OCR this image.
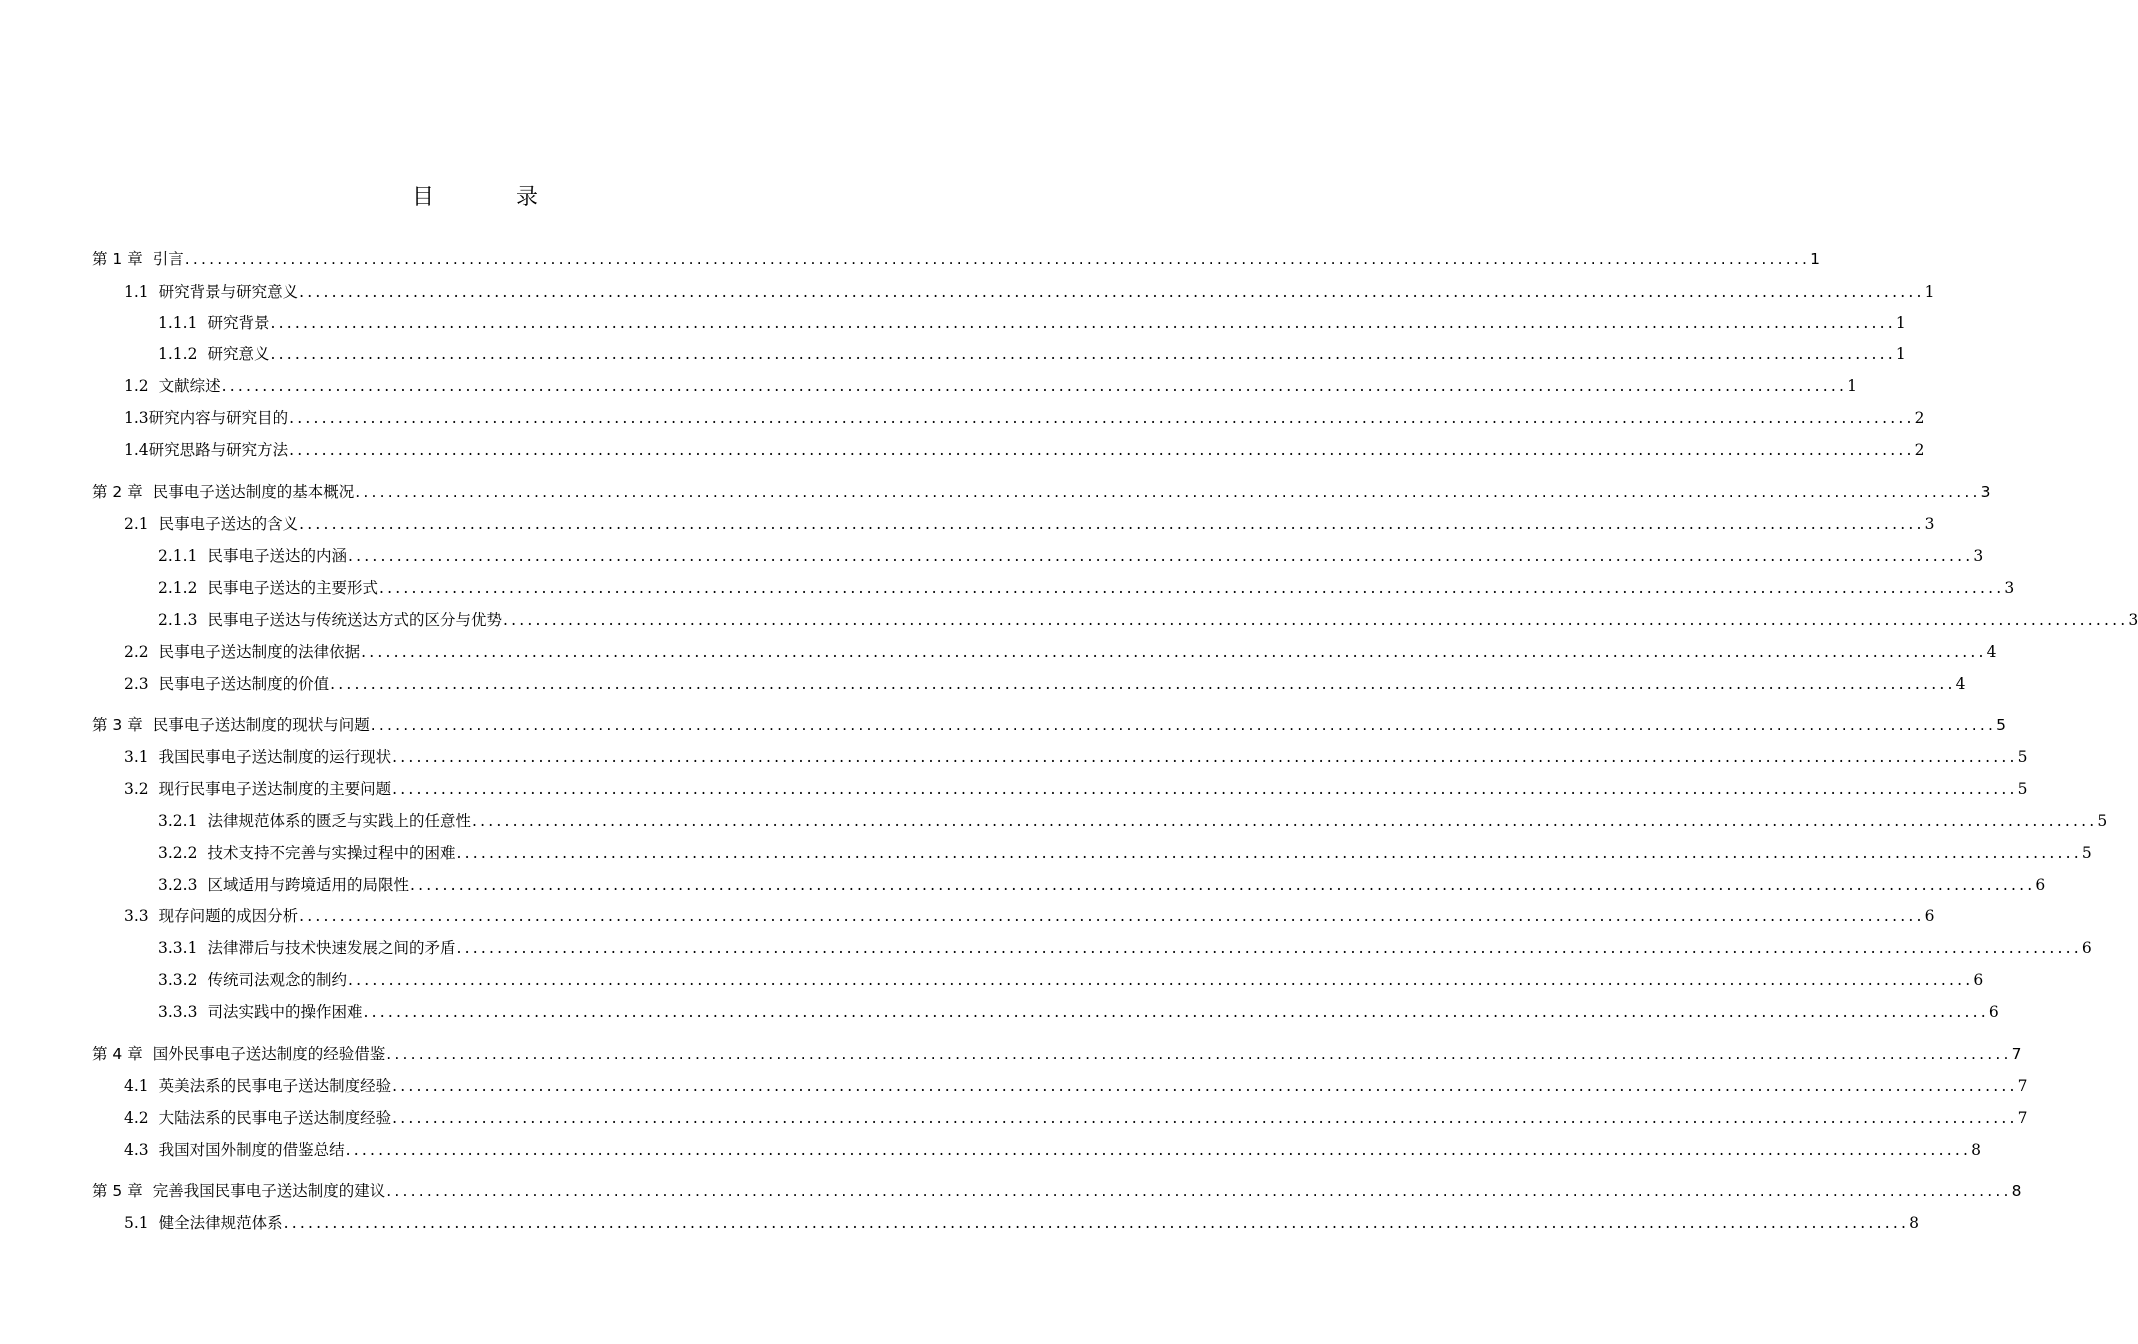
目　录
第 1 章 引言 ........................................................................................................................................................................................................ 1
1.1 研究背景与研究意义 ........................................................................................................................................................................................................ 1
1.1.1 研究背景 ........................................................................................................................................................................................................ 1
1.1.2 研究意义 ........................................................................................................................................................................................................ 1
1.2 文献综述 ........................................................................................................................................................................................................ 1
1.3 研究内容与研究目的 ........................................................................................................................................................................................................ 2
1.4 研究思路与研究方法 ........................................................................................................................................................................................................ 2
第 2 章 民事电子送达制度的基本概况 ........................................................................................................................................................................................................ 3
2.1 民事电子送达的含义 ........................................................................................................................................................................................................ 3
2.1.1 民事电子送达的内涵 ........................................................................................................................................................................................................ 3
2.1.2 民事电子送达的主要形式 ........................................................................................................................................................................................................ 3
2.1.3 民事电子送达与传统送达方式的区分与优势 ........................................................................................................................................................................................................ 3
2.2 民事电子送达制度的法律依据 ........................................................................................................................................................................................................ 4
2.3 民事电子送达制度的价值 ........................................................................................................................................................................................................ 4
第 3 章 民事电子送达制度的现状与问题 ........................................................................................................................................................................................................ 5
3.1 我国民事电子送达制度的运行现状 ........................................................................................................................................................................................................ 5
3.2 现行民事电子送达制度的主要问题 ........................................................................................................................................................................................................ 5
3.2.1 法律规范体系的匮乏与实践上的任意性 ........................................................................................................................................................................................................ 5
3.2.2 技术支持不完善与实操过程中的困难 ........................................................................................................................................................................................................ 5
3.2.3 区域适用与跨境适用的局限性 ........................................................................................................................................................................................................ 6
3.3 现存问题的成因分析 ........................................................................................................................................................................................................ 6
3.3.1 法律滞后与技术快速发展之间的矛盾 ........................................................................................................................................................................................................ 6
3.3.2 传统司法观念的制约 ........................................................................................................................................................................................................ 6
3.3.3 司法实践中的操作困难 ........................................................................................................................................................................................................ 6
第 4 章 国外民事电子送达制度的经验借鉴 ........................................................................................................................................................................................................ 7
4.1 英美法系的民事电子送达制度经验 ........................................................................................................................................................................................................ 7
4.2 大陆法系的民事电子送达制度经验 ........................................................................................................................................................................................................ 7
4.3 我国对国外制度的借鉴总结 ........................................................................................................................................................................................................ 8
第 5 章 完善我国民事电子送达制度的建议 ........................................................................................................................................................................................................ 8
5.1 健全法律规范体系 ........................................................................................................................................................................................................ 8
